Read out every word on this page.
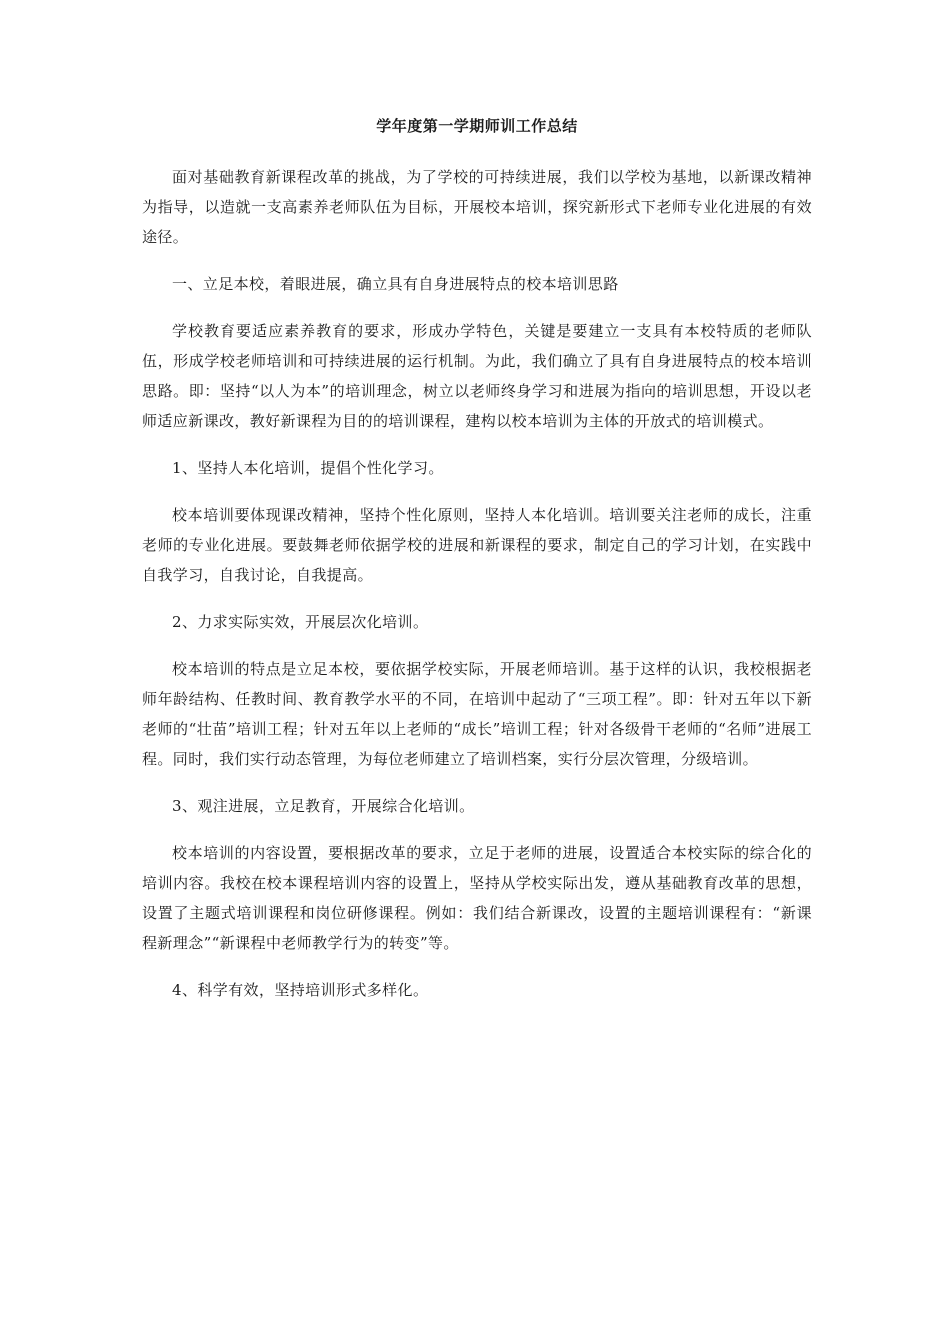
学年度第一学期师训工作总结

面对基础教育新课程改革的挑战，为了学校的可持续进展，我们以学校为基地，以新课改精神为指导，以造就一支高素养老师队伍为目标，开展校本培训，探究新形式下老师专业化进展的有效途径。

一、立足本校，着眼进展，确立具有自身进展特点的校本培训思路

学校教育要适应素养教育的要求，形成办学特色，关键是要建立一支具有本校特质的老师队伍，形成学校老师培训和可持续进展的运行机制。为此，我们确立了具有自身进展特点的校本培训思路。即：坚持“以人为本”的培训理念，树立以老师终身学习和进展为指向的培训思想，开设以老师适应新课改，教好新课程为目的的培训课程，建构以校本培训为主体的开放式的培训模式。

1、坚持人本化培训，提倡个性化学习。

校本培训要体现课改精神，坚持个性化原则，坚持人本化培训。培训要关注老师的成长，注重老师的专业化进展。要鼓舞老师依据学校的进展和新课程的要求，制定自己的学习计划，在实践中自我学习，自我讨论，自我提高。

2、力求实际实效，开展层次化培训。

校本培训的特点是立足本校，要依据学校实际，开展老师培训。基于这样的认识，我校根据老师年龄结构、任教时间、教育教学水平的不同，在培训中起动了“三项工程”。即：针对五年以下新老师的“壮苗”培训工程；针对五年以上老师的“成长”培训工程；针对各级骨干老师的“名师”进展工程。同时，我们实行动态管理，为每位老师建立了培训档案，实行分层次管理，分级培训。

3、观注进展，立足教育，开展综合化培训。

校本培训的内容设置，要根据改革的要求，立足于老师的进展，设置适合本校实际的综合化的培训内容。我校在校本课程培训内容的设置上，坚持从学校实际出发，遵从基础教育改革的思想，设置了主题式培训课程和岗位研修课程。例如：我们结合新课改，设置的主题培训课程有：“新课程新理念”“新课程中老师教学行为的转变”等。

4、科学有效，坚持培训形式多样化。
